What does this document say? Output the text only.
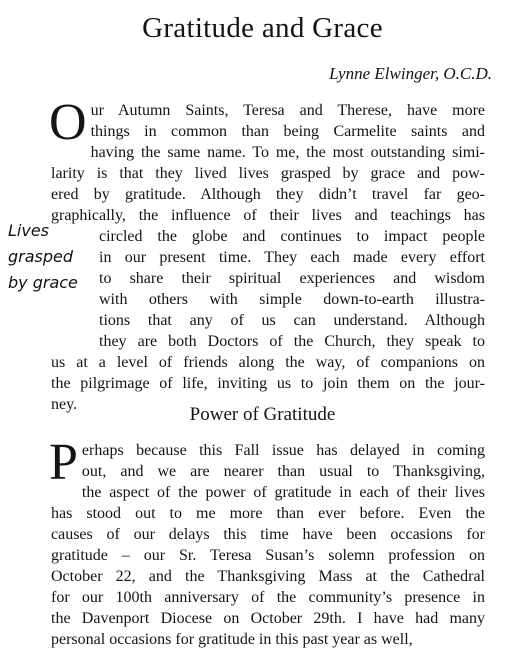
Gratitude and Grace

Lynne Elwinger, O.C.D.

Lives
grasped
by grace
O ur Autumn Saints, Teresa and Therese, have more
things in common than being Carmelite saints and
having the same name. To me, the most outstanding simi-
larity is that they lived lives grasped by grace and pow-
ered by gratitude. Although they didn’t travel far geo-
graphically, the influence of their lives and teachings has
circled the globe and continues to impact people
in our present time. They each made every effort
to share their spiritual experiences and wisdom
with others with simple down-to-earth illustra-
tions that any of us can understand. Although
they are both Doctors of the Church, they speak to
us at a level of friends along the way, of companions on
the pilgrimage of life, inviting us to join them on the jour-
ney.	Power of Gratitude
P erhaps because this Fall issue has delayed in coming
out, and we are nearer than usual to Thanksgiving,
the aspect of the power of gratitude in each of their lives
has stood out to me more than ever before. Even the
causes of our delays this time have been occasions for
gratitude – our Sr. Teresa Susan’s solemn profession on
October 22, and the Thanksgiving Mass at the Cathedral
for our 100th anniversary of the community’s presence in
the Davenport Diocese on October 29th. I have had many
personal occasions for gratitude in this past year as well,
